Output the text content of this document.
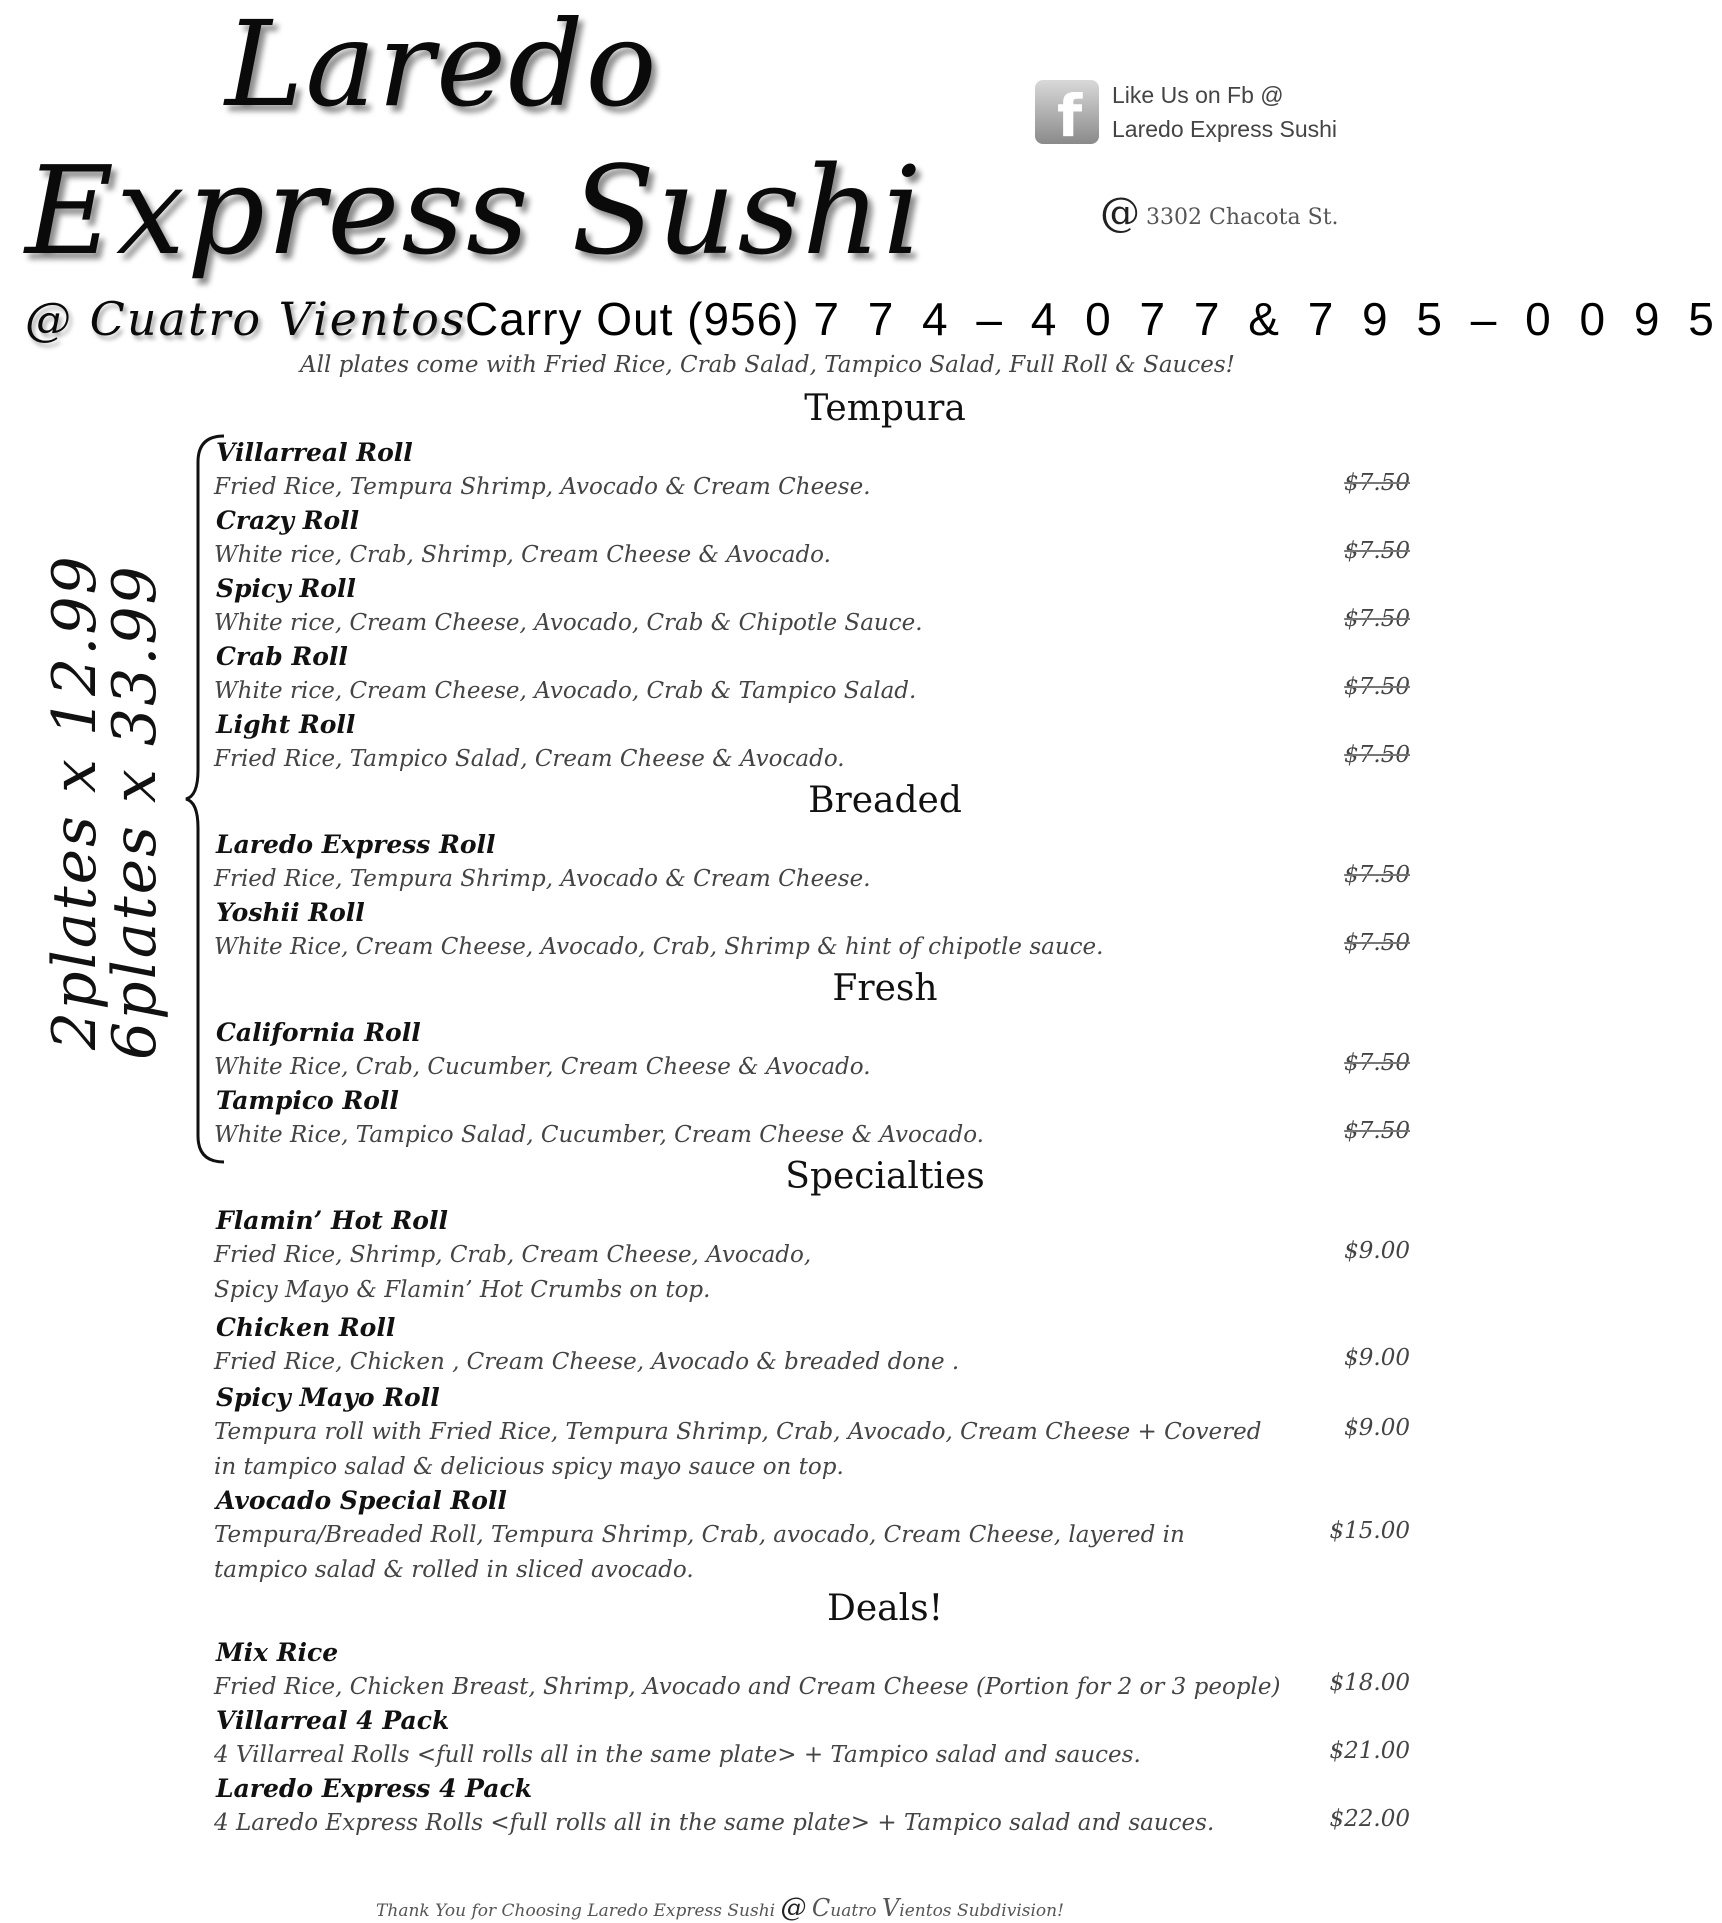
Laredo
Express Sushi
@ Cuatro Vientos
f Like Us on Fb @
Laredo Express Sushi
@ 3302 Chacota St.
Carry Out (956) 7 7 4 – 4 0 7 7 & 7 9 5 – 0 0 9 5
All plates come with Fried Rice, Crab Salad, Tampico Salad, Full Roll & Sauces!
2plates x 12.99
6plates x 33.99
Tempura
Breaded
Fresh
Specialties
Deals!
Villarreal Roll
Fried Rice, Tempura Shrimp, Avocado & Cream Cheese.	$7.50
Crazy Roll
White rice, Crab, Shrimp, Cream Cheese & Avocado.	$7.50
Spicy Roll
White rice, Cream Cheese, Avocado, Crab & Chipotle Sauce.	$7.50
Crab Roll
White rice, Cream Cheese, Avocado, Crab & Tampico Salad.	$7.50
Light Roll
Fried Rice, Tampico Salad, Cream Cheese & Avocado.	$7.50
Laredo Express Roll
Fried Rice, Tempura Shrimp, Avocado & Cream Cheese.	$7.50
Yoshii Roll
White Rice, Cream Cheese, Avocado, Crab, Shrimp & hint of chipotle sauce.	$7.50
California Roll
White Rice, Crab, Cucumber, Cream Cheese & Avocado.	$7.50
Tampico Roll
White Rice, Tampico Salad, Cucumber, Cream Cheese & Avocado.	$7.50
Flamin’ Hot Roll
Fried Rice, Shrimp, Crab, Cream Cheese, Avocado,
Spicy Mayo & Flamin’ Hot Crumbs on top.
$9.00
Chicken Roll
Fried Rice, Chicken , Cream Cheese, Avocado & breaded done .	$9.00
Spicy Mayo Roll
Tempura roll with Fried Rice, Tempura Shrimp, Crab, Avocado, Cream Cheese + Covered
in tampico salad & delicious spicy mayo sauce on top.
$9.00
Avocado Special Roll
Tempura/Breaded Roll, Tempura Shrimp, Crab, avocado, Cream Cheese, layered in
tampico salad & rolled in sliced avocado.
$15.00
Mix Rice
Fried Rice, Chicken Breast, Shrimp, Avocado and Cream Cheese (Portion for 2 or 3 people)	$18.00
Villarreal 4 Pack
4 Villarreal Rolls <full rolls all in the same plate> + Tampico salad and sauces.	$21.00
Laredo Express 4 Pack
4 Laredo Express Rolls <full rolls all in the same plate> + Tampico salad and sauces.	$22.00
Thank You for Choosing Laredo Express Sushi @ Cuatro Vientos Subdivision!
